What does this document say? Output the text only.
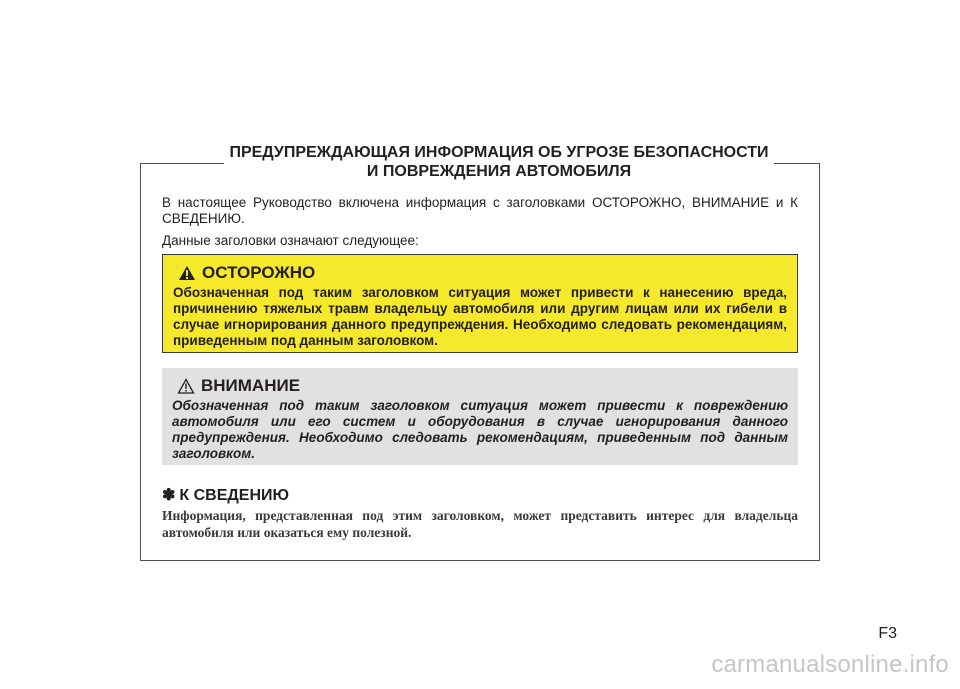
ПРЕДУПРЕЖДАЮЩАЯ ИНФОРМАЦИЯ ОБ УГРОЗЕ БЕЗОПАСНОСТИ
И ПОВРЕЖДЕНИЯ АВТОМОБИЛЯ

В настоящее Руководство включена информация с заголовками ОСТОРОЖНО, ВНИМАНИЕ и К СВЕДЕНИЮ.

Данные заголовки означают следующее:

ОСТОРОЖНО
Обозначенная под таким заголовком ситуация может привести к нанесению вреда, причинению тяжелых травм владельцу автомобиля или другим лицам или их гибели в случае игнорирования данного предупреждения. Необходимо следовать рекомендациям, приведенным под данным заголовком.
ВНИМАНИЕ
Обозначенная под таким заголовком ситуация может привести к повреждению автомобиля или его систем и оборудования в случае игнорирования данного предупреждения. Необходимо следовать рекомендациям, приведенным под данным заголовком.
✽ К СВЕДЕНИЮ
Информация, представленная под этим заголовком, может представить интерес для владельца автомобиля или оказаться ему полезной.
F3
carmanualsonline.info
